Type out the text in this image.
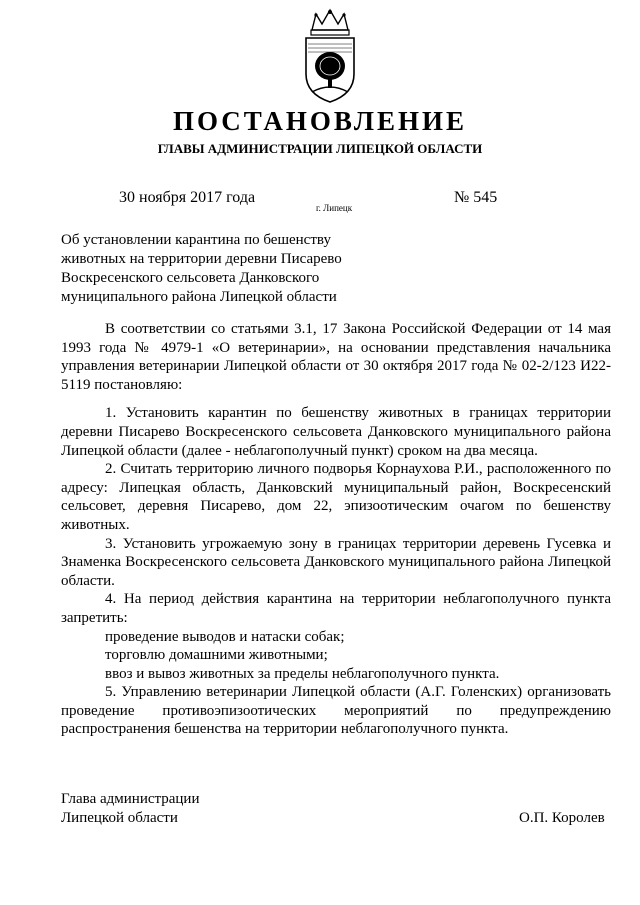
ПОСТАНОВЛЕНИЕ
ГЛАВЫ АДМИНИСТРАЦИИ ЛИПЕЦКОЙ ОБЛАСТИ
30 ноября 2017 года
г. Липецк
№ 545
Об установлении карантина по бешенству
животных на территории деревни Писарево
Воскресенского сельсовета Данковского
муниципального района Липецкой области

В соответствии со статьями 3.1, 17 Закона Российской Федерации от 14 мая 1993 года № 4979-1 «О ветеринарии», на основании представления начальника управления ветеринарии Липецкой области от 30 октября 2017 года № 02-2/123 И22-5119 постановляю:

1. Установить карантин по бешенству животных в границах территории деревни Писарево Воскресенского сельсовета Данковского муниципального района Липецкой области (далее - неблагополучный пункт) сроком на два месяца.

2. Считать территорию личного подворья Корнаухова Р.И., расположенного по адресу: Липецкая область, Данковский муниципальный район, Воскресенский сельсовет, деревня Писарево, дом 22, эпизоотическим очагом по бешенству животных.

3. Установить угрожаемую зону в границах территории деревень Гусевка и Знаменка Воскресенского сельсовета Данковского муниципального района Липецкой области.

4. На период действия карантина на территории неблагополучного пункта запретить:

проведение выводов и натаски собак;

торговлю домашними животными;

ввоз и вывоз животных за пределы неблагополучного пункта.

5. Управлению ветеринарии Липецкой области (А.Г. Голенских) организовать проведение противоэпизоотических мероприятий по предупреждению распространения бешенства на территории неблагополучного пункта.

Глава администрации
Липецкой области	О.П. Королев
